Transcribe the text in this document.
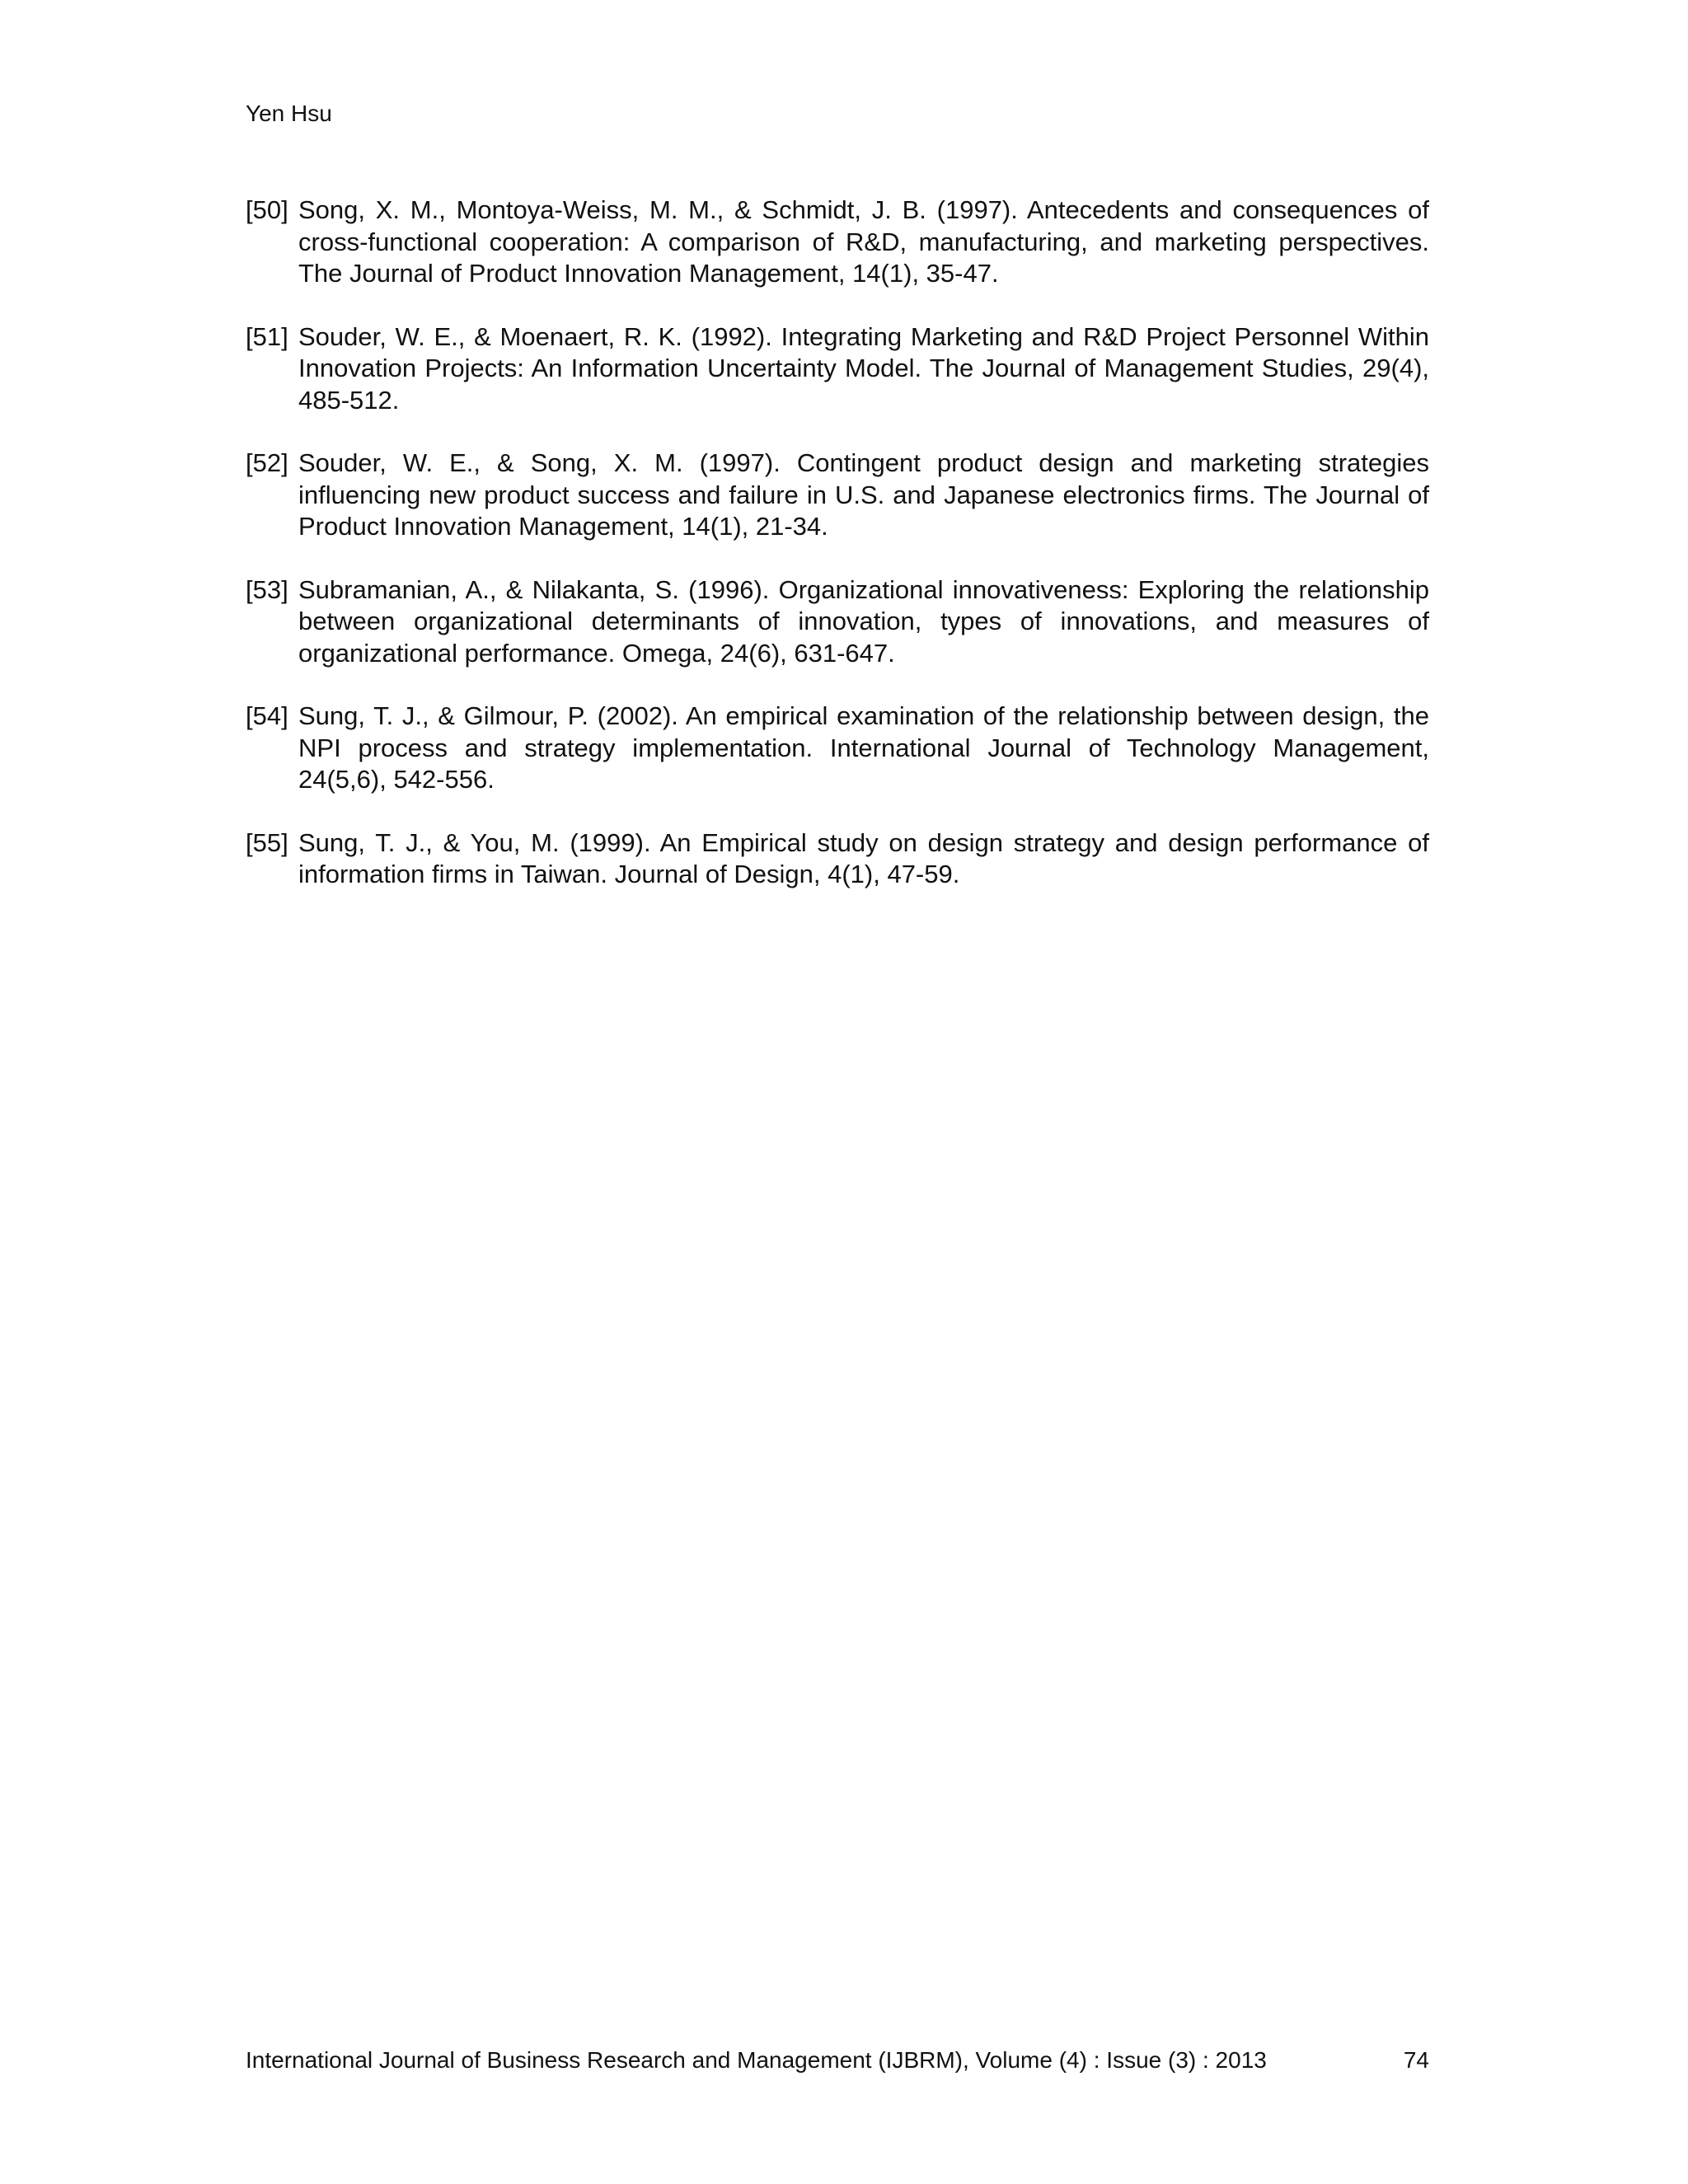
Yen Hsu
[50] Song, X. M., Montoya-Weiss, M. M., & Schmidt, J. B. (1997). Antecedents and consequences of cross-functional cooperation: A comparison of R&D, manufacturing, and marketing perspectives. The Journal of Product Innovation Management, 14(1), 35-47.
[51] Souder, W. E., & Moenaert, R. K. (1992). Integrating Marketing and R&D Project Personnel Within Innovation Projects: An Information Uncertainty Model. The Journal of Management Studies, 29(4), 485-512.
[52] Souder, W. E., & Song, X. M. (1997). Contingent product design and marketing strategies influencing new product success and failure in U.S. and Japanese electronics firms. The Journal of Product Innovation Management, 14(1), 21-34.
[53] Subramanian, A., & Nilakanta, S. (1996). Organizational innovativeness: Exploring the relationship between organizational determinants of innovation, types of innovations, and measures of organizational performance. Omega, 24(6), 631-647.
[54] Sung, T. J., & Gilmour, P. (2002). An empirical examination of the relationship between design, the NPI process and strategy implementation. International Journal of Technology Management, 24(5,6), 542-556.
[55] Sung, T. J., & You, M. (1999). An Empirical study on design strategy and design performance of information firms in Taiwan. Journal of Design, 4(1), 47-59.
International Journal of Business Research and Management (IJBRM), Volume (4) : Issue (3) : 2013	74
